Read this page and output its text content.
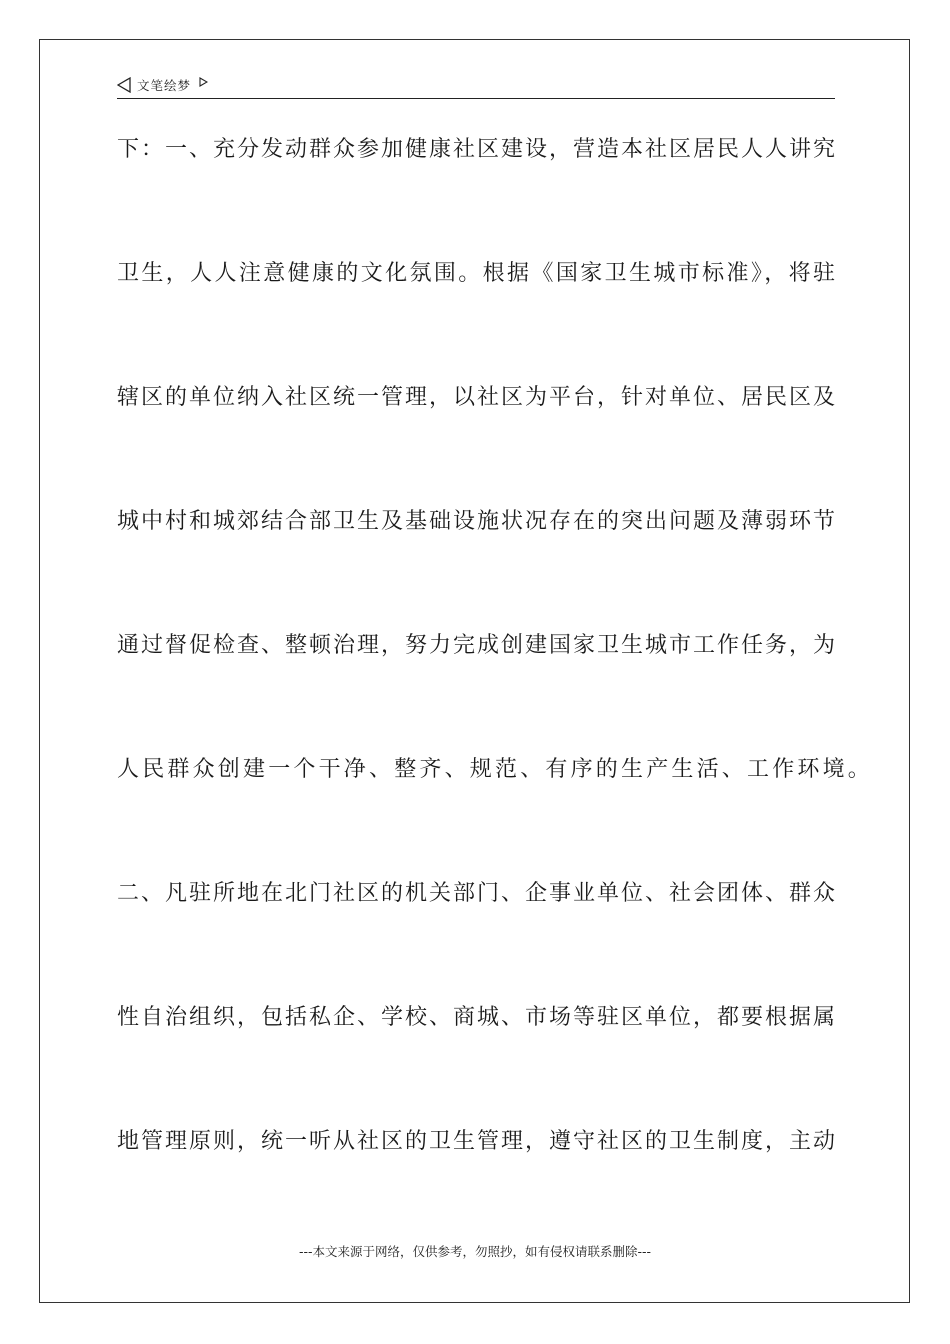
文笔绘梦
下：一、充分发动群众参加健康社区建设，营造本社区居民人人讲究
卫生，人人注意健康的文化氛围。根据《国家卫生城市标准》，将驻
辖区的单位纳入社区统一管理，以社区为平台，针对单位、居民区及
城中村和城郊结合部卫生及基础设施状况存在的突出问题及薄弱环节
通过督促检查、整顿治理，努力完成创建国家卫生城市工作任务，为
人民群众创建一个干净、整齐、规范、有序的生产生活、工作环境。
二、凡驻所地在北门社区的机关部门、企事业单位、社会团体、群众
性自治组织，包括私企、学校、商城、市场等驻区单位，都要根据属
地管理原则，统一听从社区的卫生管理，遵守社区的卫生制度，主动
---本文来源于网络，仅供参考，勿照抄，如有侵权请联系删除---
